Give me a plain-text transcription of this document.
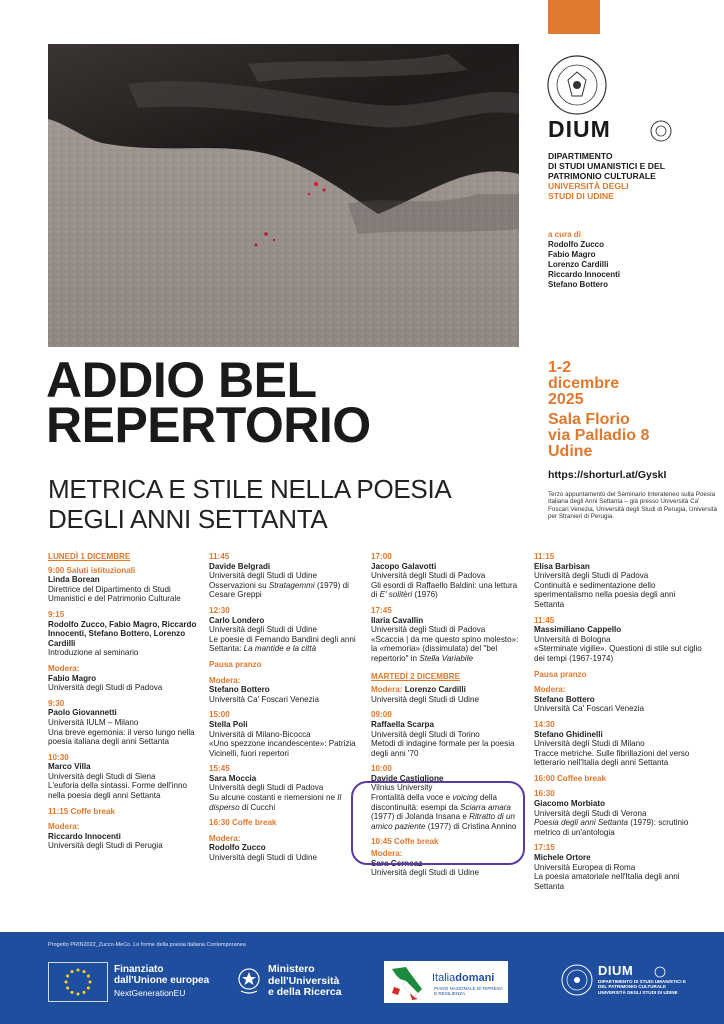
DIUM
DIPARTIMENTO
DI STUDI UMANISTICI E DEL
PATRIMONIO CULTURALE
UNIVERSITÀ DEGLI
STUDI DI UDINE
a cura di
Rodolfo Zucco
Fabio Magro
Lorenzo Cardilli
Riccardo Innocenti
Stefano Bottero
ADDIO BEL
REPERTORIO
METRICA E STILE NELLA POESIA
DEGLI ANNI SETTANTA
1-2
dicembre
2025
Sala Florio
via Palladio 8
Udine
https://shorturl.at/GyskI
Terzo appuntamento del Seminario Interateneo sulla Poesia Italiana degli Anni Settanta – già presso Università Ca' Foscari Venezia, Università degli Studi di Perugia, Università per Stranieri di Perugia.
LUNEDÌ 1 DICEMBRE
9:00 Saluti istituzionali
Linda Borean
Direttrice del Dipartimento di Studi Umanistici e del Patrimonio Culturale
9:15
Rodolfo Zucco, Fabio Magro, Riccardo Innocenti, Stefano Bottero, Lorenzo Cardilli
Introduzione al seminario
Modera:
Fabio Magro
Università degli Studi di Padova
9:30
Paolo Giovannetti
Università IULM – Milano
Una breve egemonia: il verso lungo nella poesia italiana degli anni Settanta
10:30
Marco Villa
Università degli Studi di Siena
L'euforia della sintassi. Forme dell'inno nella poesia degli anni Settanta
11:15 Coffe break
Modera:
Riccardo Innocenti
Università degli Studi di Perugia
11:45
Davide Belgradi
Università degli Studi di Udine
Osservazioni su Stratagemmi (1979) di Cesare Greppi
12:30
Carlo Londero
Università degli Studi di Udine
Le poesie di Fernando Bandini degli anni Settanta: La mantide e la città
Pausa pranzo
Modera:
Stefano Bottero
Università Ca' Foscari Venezia
15:00
Stella Poli
Università di Milano-Bicocca
«Uno spezzone incandescente»: Patrizia Vicinelli, fuori repertori
15:45
Sara Moccia
Università degli Studi di Padova
Su alcune costanti e riemersioni ne Il disperso di Cucchi
16:30 Coffe break
Modera:
Rodolfo Zucco
Università degli Studi di Udine
17:00
Jacopo Galavotti
Università degli Studi di Padova
Gli esordi di Raffaello Baldini: una lettura di E' solitèri (1976)
17:45
Ilaria Cavallin
Università degli Studi di Padova
«Scaccia | da me questo spino molesto»: la «memoria» (dissimulata) del "bel repertorio" in Stella Variabile
MARTEDÌ 2 DICEMBRE
Modera: Lorenzo Cardilli
Università degli Studi di Udine
09:00
Raffaella Scarpa
Università degli Studi di Torino
Metodi di indagine formale per la poesia degli anni '70
10:00
Davide Castiglione
Vilnius University
Frontalità della voce e voicing della discontinuità: esempi da Sciarra amara (1977) di Jolanda Insana e Ritratto di un amico paziente (1977) di Cristina Annino
10:45 Coffe break
Modera:
Sara Cerneaz
Università degli Studi di Udine
11:15
Elisa Barbisan
Università degli Studi di Padova
Continuità e sedimentazione dello sperimentalismo nella poesia degli anni Settanta
11:45
Massimiliano Cappello
Università di Bologna
«Sterminate vigilie». Questioni di stile sul ciglio dei tempi (1967-1974)
Pausa pranzo
Modera:
Stefano Bottero
Università Ca' Foscari Venezia
14:30
Stefano Ghidinelli
Università degli Studi di Milano
Tracce metriche. Sulle fibrillazioni del verso letterario nell'Italia degli anni Settanta
16:00 Coffee break
16:30
Giacomo Morbiato
Università degli Studi di Verona
Poesia degli anni Settanta (1979): scrutinio metrico di un'antologia
17:15
Michele Ortore
Università Europea di Roma
La poesia amatoriale nell'Italia degli anni Settanta
Progetto PRIN2022_Zucco-MeCo. Le forme della poesia italiana Contemporanea
Finanziato
dall'Unione europea
NextGenerationEU
Ministero
dell'Università
e della Ricerca
Italiadomani
PIANO NAZIONALE DI RIPRESA E RESILIENZA
DIUM
DIPARTIMENTO DI STUDI UMANISTICI E DEL PATRIMONIO CULTURALE UNIVERSITÀ DEGLI STUDI DI UDINE
